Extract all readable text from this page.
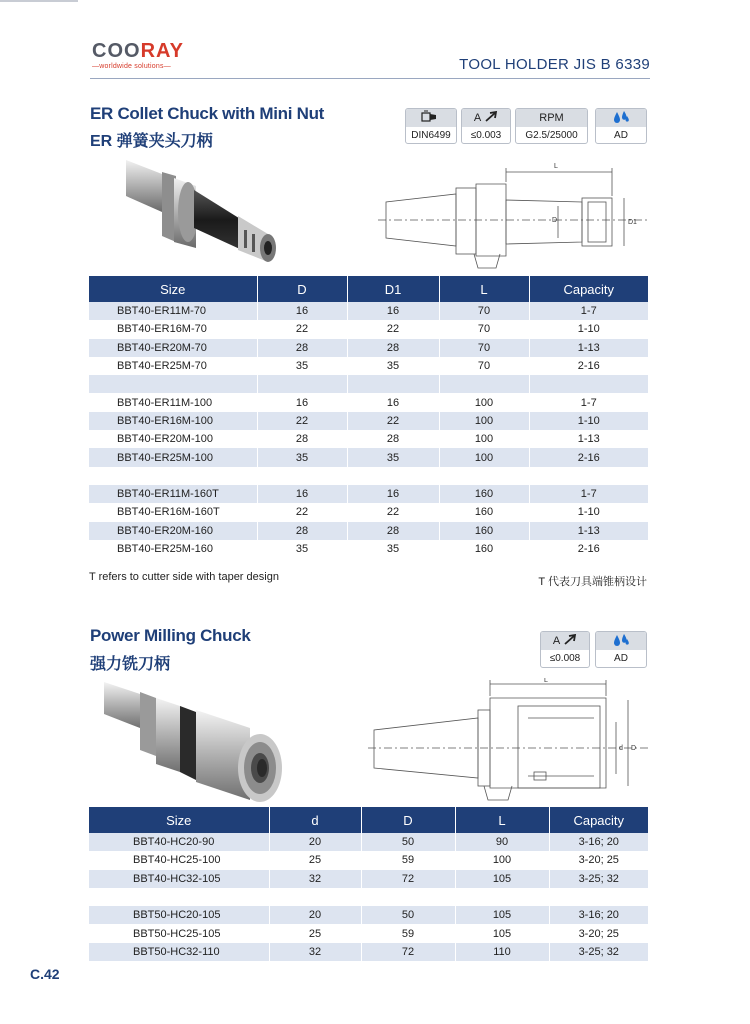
COORAY
—worldwide solutions—	TOOL HOLDER JIS B 6339
ER Collet Chuck with Mini Nut
ER 弹簧夹头刀柄	DIN6499
A
≤0.003
RPM
G2.5/25000	AD
L
D	D1
Size	D	D1	L	Capacity
BBT40-ER11M-70	16	16	70	1-7
BBT40-ER16M-70	22	22	70	1-10
BBT40-ER20M-70	28	28	70	1-13
BBT40-ER25M-70	35	35	70	2-16

BBT40-ER11M-100	16	16	100	1-7
BBT40-ER16M-100	22	22	100	1-10
BBT40-ER20M-100	28	28	100	1-13
BBT40-ER25M-100	35	35	100	2-16

BBT40-ER11M-160T	16	16	160	1-7
BBT40-ER16M-160T	22	22	160	1-10
BBT40-ER20M-160	28	28	160	1-13
BBT40-ER25M-160	35	35	160	2-16
T refers to cutter side with taper design	T 代表刀具端锥柄设计
Power Milling Chuck
强力铣刀柄
A
≤0.008	AD
L
d D
Size	d	D	L	Capacity
BBT40-HC20-90	20	50	90	3-16; 20
BBT40-HC25-100	25	59	100	3-20; 25
BBT40-HC32-105	32	72	105	3-25; 32

BBT50-HC20-105	20	50	105	3-16; 20
BBT50-HC25-105	25	59	105	3-20; 25
BBT50-HC32-110	32	72	110	3-25; 32
C.42
